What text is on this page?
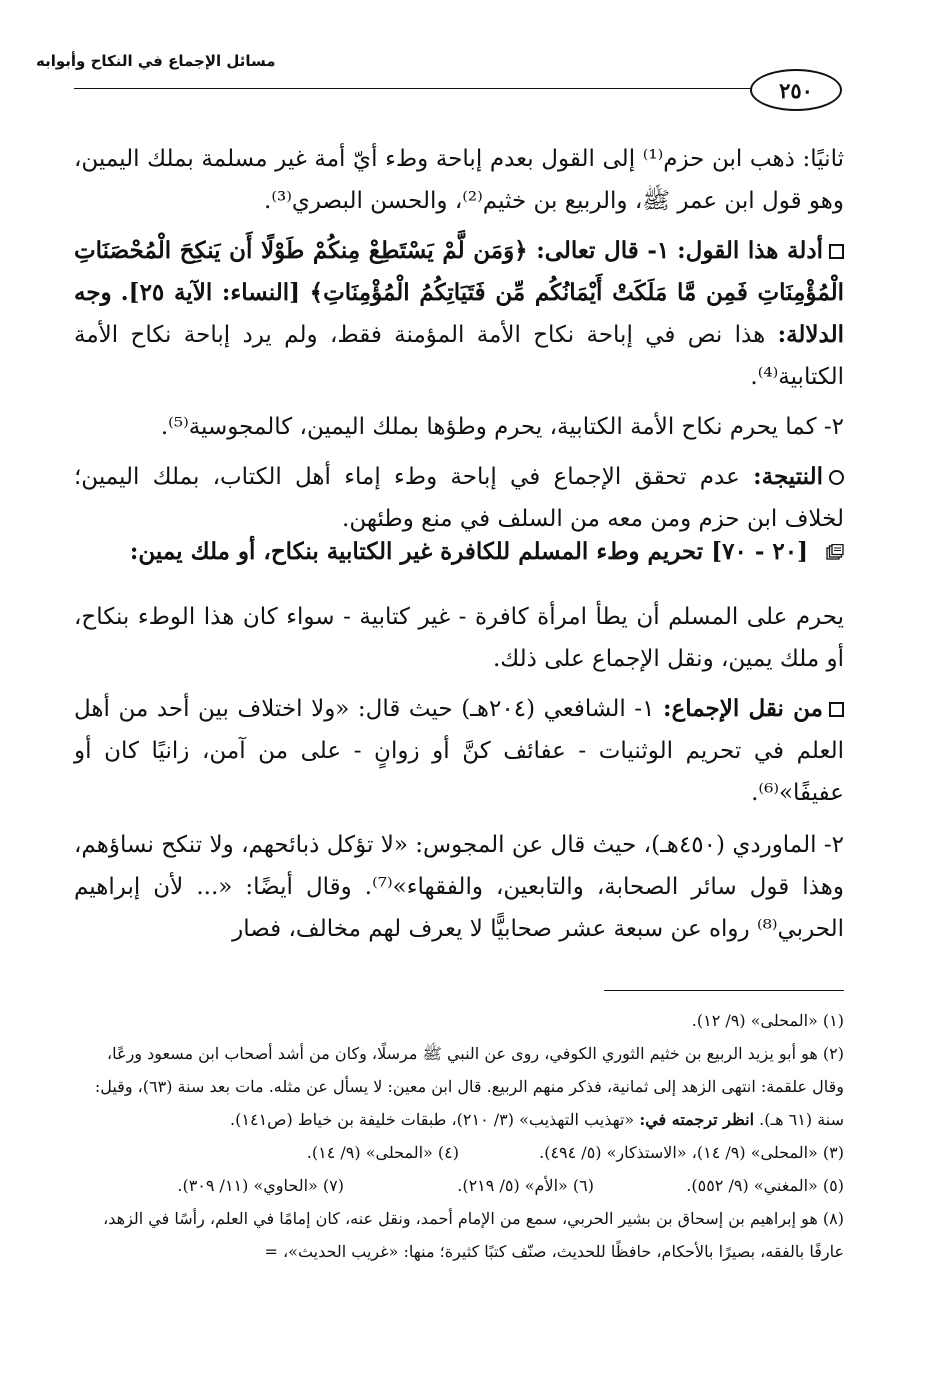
مسائل الإجماع في النكاح وأبوابه
٢٥٠

ثانيًا: ذهب ابن حزم⁽¹⁾ إلى القول بعدم إباحة وطء أيّ أمة غير مسلمة بملك اليمين، وهو قول ابن عمر ﷺ، والربيع بن خثيم⁽²⁾، والحسن البصري⁽³⁾.

أدلة هذا القول: ١- قال تعالى: ﴿وَمَن لَّمْ يَسْتَطِعْ مِنكُمْ طَوْلًا أَن يَنكِحَ الْمُحْصَنَاتِ الْمُؤْمِنَاتِ فَمِن مَّا مَلَكَتْ أَيْمَانُكُم مِّن فَتَيَاتِكُمُ الْمُؤْمِنَاتِ﴾ [النساء: الآية ٢٥]. وجه الدلالة: هذا نص في إباحة نكاح الأمة المؤمنة فقط، ولم يرد إباحة نكاح الأمة الكتابية⁽⁴⁾.

٢- كما يحرم نكاح الأمة الكتابية، يحرم وطؤها بملك اليمين، كالمجوسية⁽⁵⁾.

النتيجة: عدم تحقق الإجماع في إباحة وطء إماء أهل الكتاب، بملك اليمين؛ لخلاف ابن حزم ومن معه من السلف في منع وطئهن.

[٢٠ - ٧٠] تحريم وطء المسلم للكافرة غير الكتابية بنكاح، أو ملك يمين:

يحرم على المسلم أن يطأ امرأة كافرة - غير كتابية - سواء كان هذا الوطء بنكاح، أو ملك يمين، ونقل الإجماع على ذلك.

من نقل الإجماع: ١- الشافعي (٢٠٤هـ) حيث قال: «ولا اختلاف بين أحد من أهل العلم في تحريم الوثنيات - عفائف كنَّ أو زوانٍ - على من آمن، زانيًا كان أو عفيفًا»⁽⁶⁾.

٢- الماوردي (٤٥٠هـ)، حيث قال عن المجوس: «لا تؤكل ذبائحهم، ولا تنكح نساؤهم، وهذا قول سائر الصحابة، والتابعين، والفقهاء»⁽⁷⁾. وقال أيضًا: «... لأن إبراهيم الحربي⁽⁸⁾ رواه عن سبعة عشر صحابيًّا لا يعرف لهم مخالف، فصار

(١) «المحلى» (٩/ ١٢).
(٢) هو أبو يزيد الربيع بن خثيم الثوري الكوفي، روى عن النبي ﷺ مرسلًا، وكان من أشد أصحاب ابن مسعود ورعًا، وقال علقمة: انتهى الزهد إلى ثمانية، فذكر منهم الربيع. قال ابن معين: لا يسأل عن مثله. مات بعد سنة (٦٣)، وقيل: سنة (٦١ هـ). انظر ترجمته في: «تهذيب التهذيب» (٣/ ٢١٠)، طبقات خليفة بن خياط (ص١٤١).
(٣) «المحلى» (٩/ ١٤)، «الاستذكار» (٥/ ٤٩٤).
(٤) «المحلى» (٩/ ١٤).
(٥) «المغني» (٩/ ٥٥٢).
(٦) «الأم» (٥/ ٢١٩).
(٧) «الحاوي» (١١/ ٣٠٩).
(٨) هو إبراهيم بن إسحاق بن بشير الحربي، سمع من الإمام أحمد، ونقل عنه، كان إمامًا في العلم، رأسًا في الزهد، عارفًا بالفقه، بصيرًا بالأحكام، حافظًا للحديث، صنّف كتبًا كثيرة؛ منها: «غريب الحديث»، =
